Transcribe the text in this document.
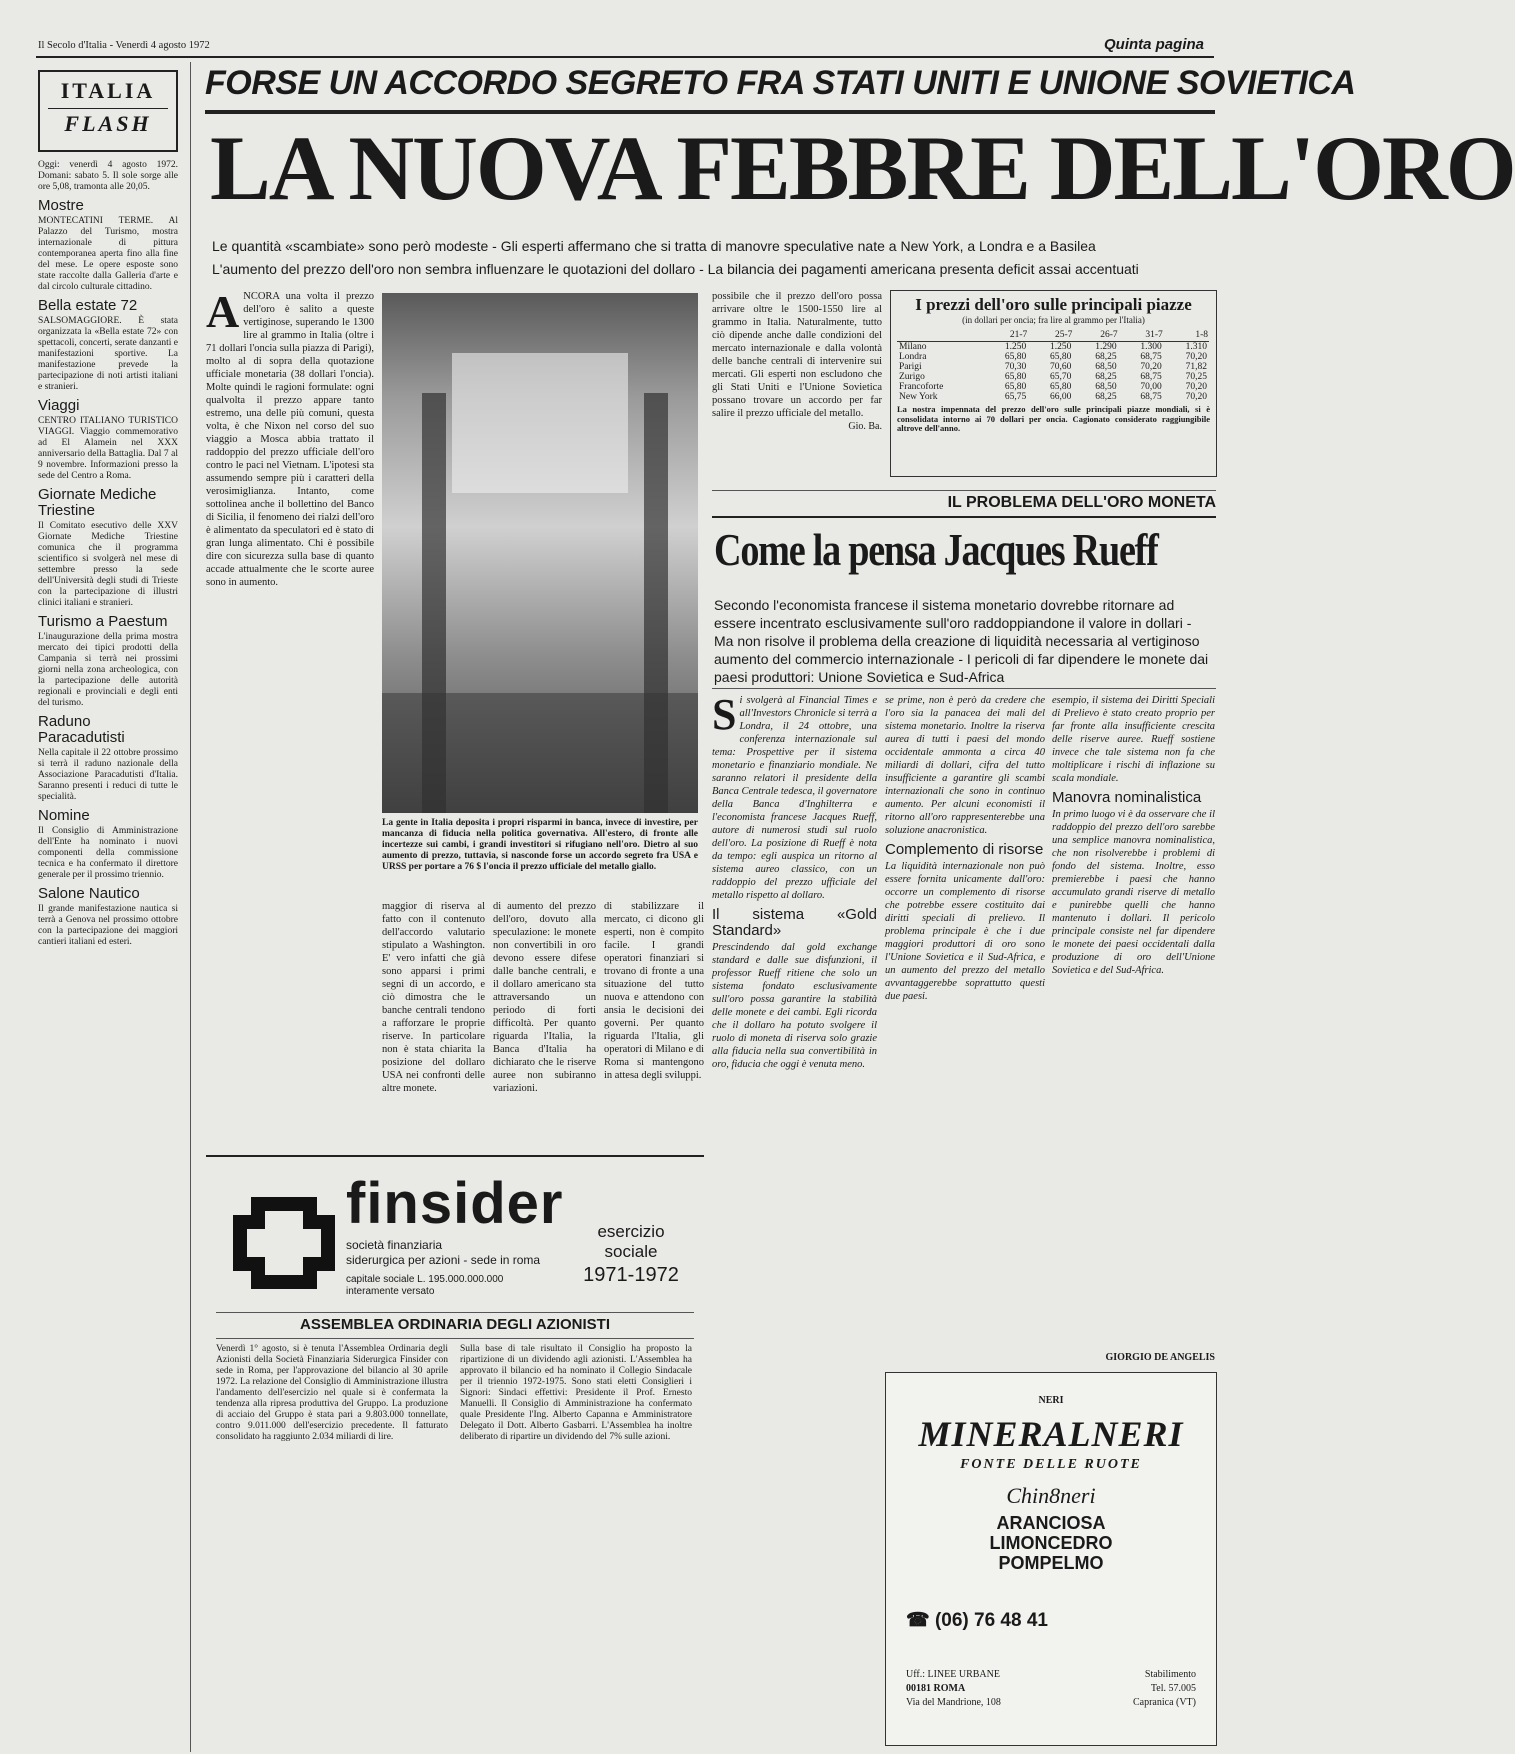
Il Secolo d'Italia - Venerdì 4 agosto 1972	Quinta pagina
ITALIA
FLASH
Oggi: venerdì 4 agosto 1972. Domani: sabato 5. Il sole sorge alle ore 5,08, tramonta alle 20,05.
Mostre
MONTECATINI TERME. Al Palazzo del Turismo, mostra internazionale di pittura contemporanea aperta fino alla fine del mese. Le opere esposte sono state raccolte dalla Galleria d'arte e dal circolo culturale cittadino.
Bella estate 72
SALSOMAGGIORE. È stata organizzata la «Bella estate 72» con spettacoli, concerti, serate danzanti e manifestazioni sportive. La manifestazione prevede la partecipazione di noti artisti italiani e stranieri.
Viaggi
CENTRO ITALIANO TURISTICO VIAGGI. Viaggio commemorativo ad El Alamein nel XXX anniversario della Battaglia. Dal 7 al 9 novembre. Informazioni presso la sede del Centro a Roma.
Giornate Mediche Triestine
Il Comitato esecutivo delle XXV Giornate Mediche Triestine comunica che il programma scientifico si svolgerà nel mese di settembre presso la sede dell'Università degli studi di Trieste con la partecipazione di illustri clinici italiani e stranieri.
Turismo a Paestum
L'inaugurazione della prima mostra mercato dei tipici prodotti della Campania si terrà nei prossimi giorni nella zona archeologica, con la partecipazione delle autorità regionali e provinciali e degli enti del turismo.
Raduno Paracadutisti
Nella capitale il 22 ottobre prossimo si terrà il raduno nazionale della Associazione Paracadutisti d'Italia. Saranno presenti i reduci di tutte le specialità.
Nomine
Il Consiglio di Amministrazione dell'Ente ha nominato i nuovi componenti della commissione tecnica e ha confermato il direttore generale per il prossimo triennio.
Salone Nautico
Il grande manifestazione nautica si terrà a Genova nel prossimo ottobre con la partecipazione dei maggiori cantieri italiani ed esteri.
FORSE UN ACCORDO SEGRETO FRA STATI UNITI E UNIONE SOVIETICA
LA NUOVA FEBBRE DELL'ORO
Le quantità «scambiate» sono però modeste - Gli esperti affermano che si tratta di manovre speculative nate a New York, a Londra e a Basilea
L'aumento del prezzo dell'oro non sembra influenzare le quotazioni del dollaro - La bilancia dei pagamenti americana presenta deficit assai accentuati
ANCORA una volta il prezzo dell'oro è salito a queste vertiginose, superando le 1300 lire al grammo in Italia (oltre i 71 dollari l'oncia sulla piazza di Parigi), molto al di sopra della quotazione ufficiale monetaria (38 dollari l'oncia). Molte quindi le ragioni formulate: ogni qualvolta il prezzo appare tanto estremo, una delle più comuni, questa volta, è che Nixon nel corso del suo viaggio a Mosca abbia trattato il raddoppio del prezzo ufficiale dell'oro contro le paci nel Vietnam. L'ipotesi sta assumendo sempre più i caratteri della verosimiglianza. Intanto, come sottolinea anche il bollettino del Banco di Sicilia, il fenomeno dei rialzi dell'oro è alimentato da speculatori ed è stato di gran lunga alimentato. Chi è possibile dire con sicurezza sulla base di quanto accade attualmente che le scorte auree sono in aumento.
La gente in Italia deposita i propri risparmi in banca, invece di investire, per mancanza di fiducia nella politica governativa. All'estero, di fronte alle incertezze sui cambi, i grandi investitori si rifugiano nell'oro. Dietro al suo aumento di prezzo, tuttavia, si nasconde forse un accordo segreto fra USA e URSS per portare a 76 $ l'oncia il prezzo ufficiale del metallo giallo.
possibile che il prezzo dell'oro possa arrivare oltre le 1500-1550 lire al grammo in Italia. Naturalmente, tutto ciò dipende anche dalle condizioni del mercato internazionale e dalla volontà delle banche centrali di intervenire sui mercati. Gli esperti non escludono che gli Stati Uniti e l'Unione Sovietica possano trovare un accordo per far salire il prezzo ufficiale del metallo.
Gio. Ba.
maggior di riserva al fatto con il contenuto dell'accordo valutario stipulato a Washington. E' vero infatti che già sono apparsi i primi segni di un accordo, e ciò dimostra che le banche centrali tendono a rafforzare le proprie riserve. In particolare non è stata chiarita la posizione del dollaro USA nei confronti delle altre monete.
di aumento del prezzo dell'oro, dovuto alla speculazione: le monete non convertibili in oro devono essere difese dalle banche centrali, e il dollaro americano sta attraversando un periodo di forti difficoltà. Per quanto riguarda l'Italia, la Banca d'Italia ha dichiarato che le riserve auree non subiranno variazioni.
di stabilizzare il mercato, ci dicono gli esperti, non è compito facile. I grandi operatori finanziari si trovano di fronte a una situazione del tutto nuova e attendono con ansia le decisioni dei governi. Per quanto riguarda l'Italia, gli operatori di Milano e di Roma si mantengono in attesa degli sviluppi.
I prezzi dell'oro sulle principali piazze
(in dollari per oncia; fra lire al grammo per l'Italia)
	21-7	25-7	26-7	31-7	1-8
Milano	1.250	1.250	1.290	1.300	1.310
Londra	65,80	65,80	68,25	68,75	70,20
Parigi	70,30	70,60	68,50	70,20	71,82
Zurigo	65,80	65,70	68,25	68,75	70,25
Francoforte	65,80	65,80	68,50	70,00	70,20
New York	65,75	66,00	68,25	68,75	70,20
La nostra impennata del prezzo dell'oro sulle principali piazze mondiali, si è consolidata intorno ai 70 dollari per oncia. Cagionato considerato raggiungibile altrove dell'anno.
IL PROBLEMA DELL'ORO MONETA
Come la pensa Jacques Rueff
Secondo l'economista francese il sistema monetario dovrebbe ritornare ad essere incentrato esclusivamente sull'oro raddoppiandone il valore in dollari - Ma non risolve il problema della creazione di liquidità necessaria al vertiginoso aumento del commercio internazionale - I pericoli di far dipendere le monete dai paesi produttori: Unione Sovietica e Sud-Africa
Si svolgerà al Financial Times e all'Investors Chronicle si terrà a Londra, il 24 ottobre, una conferenza internazionale sul tema: Prospettive per il sistema monetario e finanziario mondiale. Ne saranno relatori il presidente della Banca Centrale tedesca, il governatore della Banca d'Inghilterra e l'economista francese Jacques Rueff, autore di numerosi studi sul ruolo dell'oro. La posizione di Rueff è nota da tempo: egli auspica un ritorno al sistema aureo classico, con un raddoppio del prezzo ufficiale del metallo rispetto al dollaro.
Il sistema «Gold Standard»
Prescindendo dal gold exchange standard e dalle sue disfunzioni, il professor Rueff ritiene che solo un sistema fondato esclusivamente sull'oro possa garantire la stabilità delle monete e dei cambi. Egli ricorda che il dollaro ha potuto svolgere il ruolo di moneta di riserva solo grazie alla fiducia nella sua convertibilità in oro, fiducia che oggi è venuta meno.
se prime, non è però da credere che l'oro sia la panacea dei mali del sistema monetario. Inoltre la riserva aurea di tutti i paesi del mondo occidentale ammonta a circa 40 miliardi di dollari, cifra del tutto insufficiente a garantire gli scambi internazionali che sono in continuo aumento. Per alcuni economisti il ritorno all'oro rappresenterebbe una soluzione anacronistica.
Complemento di risorse
La liquidità internazionale non può essere fornita unicamente dall'oro: occorre un complemento di risorse che potrebbe essere costituito dai diritti speciali di prelievo. Il problema principale è che i due maggiori produttori di oro sono l'Unione Sovietica e il Sud-Africa, e un aumento del prezzo del metallo avvantaggerebbe soprattutto questi due paesi.
esempio, il sistema dei Diritti Speciali di Prelievo è stato creato proprio per far fronte alla insufficiente crescita delle riserve auree. Rueff sostiene invece che tale sistema non fa che moltiplicare i rischi di inflazione su scala mondiale.
Manovra nominalistica
In primo luogo vi è da osservare che il raddoppio del prezzo dell'oro sarebbe una semplice manovra nominalistica, che non risolverebbe i problemi di fondo del sistema. Inoltre, esso premierebbe i paesi che hanno accumulato grandi riserve di metallo e punirebbe quelli che hanno mantenuto i dollari. Il pericolo principale consiste nel far dipendere le monete dei paesi occidentali dalla produzione di oro dell'Unione Sovietica e del Sud-Africa.
GIORGIO DE ANGELIS
finsider
società finanziaria
siderurgica per azioni - sede in roma
capitale sociale L. 195.000.000.000
interamente versato
esercizio
sociale
1971-1972
ASSEMBLEA ORDINARIA DEGLI AZIONISTI
Venerdì 1° agosto, si è tenuta l'Assemblea Ordinaria degli Azionisti della Società Finanziaria Siderurgica Finsider con sede in Roma, per l'approvazione del bilancio al 30 aprile 1972. La relazione del Consiglio di Amministrazione illustra l'andamento dell'esercizio nel quale si è confermata la tendenza alla ripresa produttiva del Gruppo. La produzione di acciaio del Gruppo è stata pari a 9.803.000 tonnellate, contro 9.011.000 dell'esercizio precedente. Il fatturato consolidato ha raggiunto 2.034 miliardi di lire.
Sulla base di tale risultato il Consiglio ha proposto la ripartizione di un dividendo agli azionisti. L'Assemblea ha approvato il bilancio ed ha nominato il Collegio Sindacale per il triennio 1972-1975. Sono stati eletti Consiglieri i Signori: Sindaci effettivi: Presidente il Prof. Ernesto Manuelli. Il Consiglio di Amministrazione ha confermato quale Presidente l'Ing. Alberto Capanna e Amministratore Delegato il Dott. Alberto Gasbarri. L'Assemblea ha inoltre deliberato di ripartire un dividendo del 7% sulle azioni.
NERI
MINERALNERI
FONTE DELLE RUOTE
Chin8neri
ARANCIOSA
LIMONCEDRO
POMPELMO
☎ (06) 76 48 41
Uff.: LINEE URBANE
00181 ROMA
Via del Mandrione, 108
Stabilimento
Tel. 57.005
Capranica (VT)
